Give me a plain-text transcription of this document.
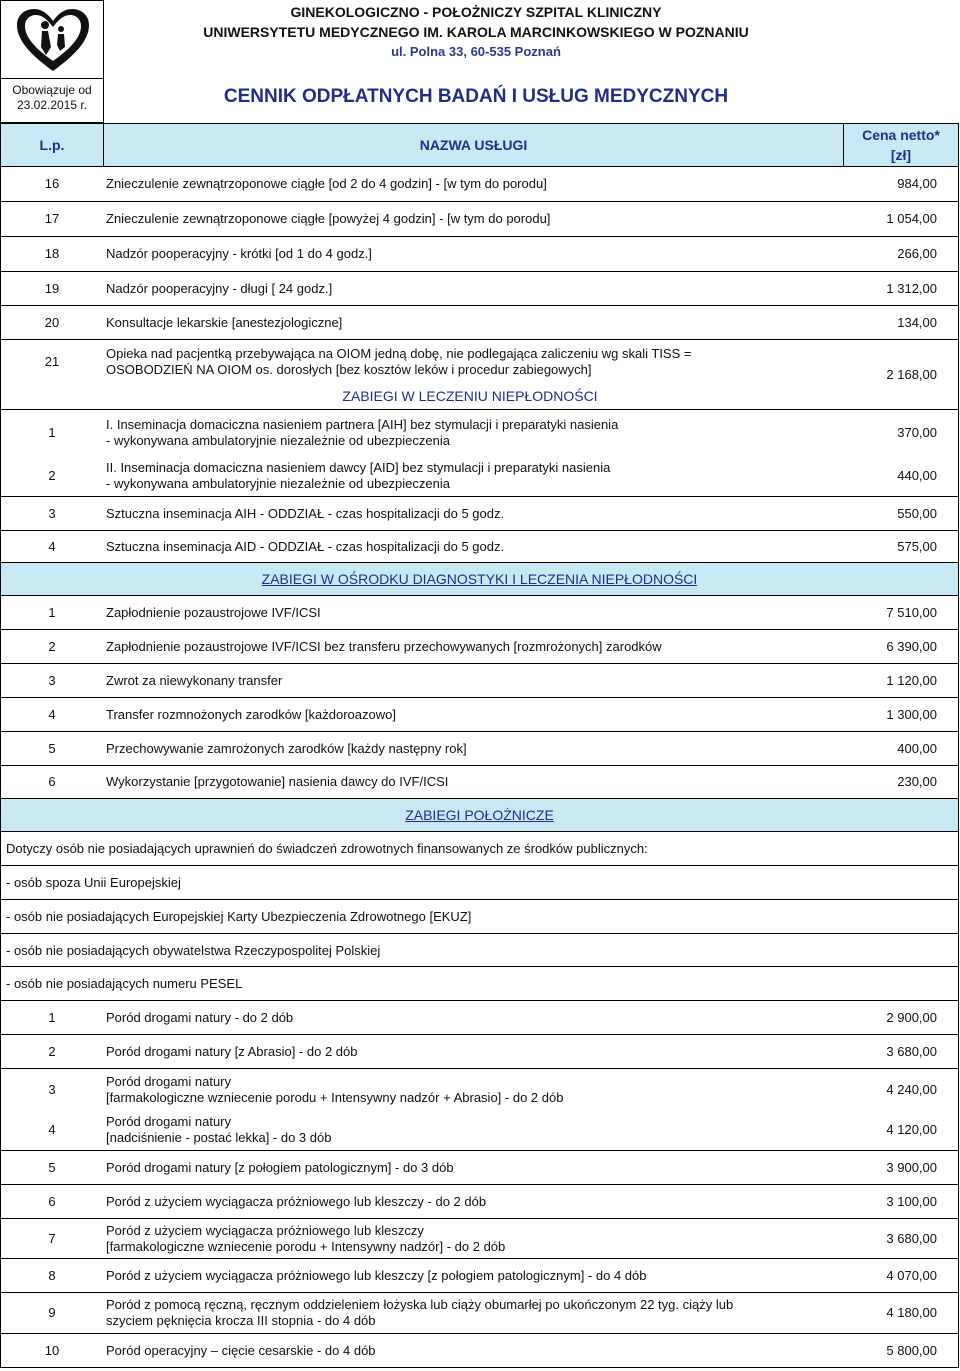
Obowiązuje od
23.02.2015 r.
GINEKOLOGICZNO - POŁOŻNICZY SZPITAL KLINICZNY
UNIWERSYTETU MEDYCZNEGO IM. KAROLA MARCINKOWSKIEGO W POZNANIU
ul. Polna 33, 60-535 Poznań
CENNIK ODPŁATNYCH BADAŃ I USŁUG MEDYCZNYCH
L.p.	NAZWA USŁUGI
Cena netto*
[zł]
16	Znieczulenie zewnątrzoponowe ciągłe [od 2 do 4 godzin] - [w tym do porodu]	984,00
17	Znieczulenie zewnątrzoponowe ciągłe [powyżej 4 godzin] - [w tym do porodu]	1 054,00
18	Nadzór pooperacyjny - krótki [od 1 do 4 godz.]	266,00
19	Nadzór pooperacyjny - długi [ 24 godz.]	1 312,00
20	Konsultacje lekarskie [anestezjologiczne]	134,00
21
Opieka nad pacjentką przebywająca na OIOM jedną dobę, nie podlegająca zaliczeniu wg skali TISS =
OSOBODZIEŃ NA OIOM os. dorosłych [bez kosztów leków i procedur zabiegowych]	2 168,00
ZABIEGI W LECZENIU NIEPŁODNOŚCI
1
I. Inseminacja domaciczna nasieniem partnera [AIH] bez stymulacji i preparatyki nasienia
- wykonywana ambulatoryjnie niezależnie od ubezpieczenia
370,00
2
II. Inseminacja domaciczna nasieniem dawcy [AID] bez stymulacji i preparatyki nasienia
- wykonywana ambulatoryjnie niezależnie od ubezpieczenia
440,00
3	Sztuczna inseminacja AIH - ODDZIAŁ - czas hospitalizacji do 5 godz.	550,00
4	Sztuczna inseminacja AID - ODDZIAŁ - czas hospitalizacji do 5 godz.	575,00
ZABIEGI W OŚRODKU DIAGNOSTYKI I LECZENIA NIEPŁODNOŚCI
1	Zapłodnienie pozaustrojowe IVF/ICSI	7 510,00
2	Zapłodnienie pozaustrojowe IVF/ICSI bez transferu przechowywanych [rozmrożonych] zarodków	6 390,00
3	Zwrot za niewykonany transfer	1 120,00
4	Transfer rozmnożonych zarodków [każdoroazowo]	1 300,00
5	Przechowywanie zamrożonych zarodków [każdy następny rok]	400,00
6	Wykorzystanie [przygotowanie] nasienia dawcy do IVF/ICSI	230,00
ZABIEGI POŁOŻNICZE
Dotyczy osób nie posiadających uprawnień do świadczeń zdrowotnych finansowanych ze środków publicznych:
- osób spoza Unii Europejskiej
- osób nie posiadających Europejskiej Karty Ubezpieczenia Zdrowotnego [EKUZ]
- osób nie posiadających obywatelstwa Rzeczypospolitej Polskiej
- osób nie posiadających numeru PESEL
1	Poród drogami natury - do 2 dób	2 900,00
2	Poród drogami natury [z Abrasio] - do 2 dób	3 680,00
3
Poród drogami natury
[farmakologiczne wzniecenie porodu + Intensywny nadzór + Abrasio] - do 2 dób
4 240,00
4
Poród drogami natury
[nadciśnienie - postać lekka] - do 3 dób
4 120,00
5	Poród drogami natury [z połogiem patologicznym] - do 3 dób	3 900,00
6	Poród z użyciem wyciągacza próżniowego lub kleszczy - do 2 dób	3 100,00
7
Poród z użyciem wyciągacza próżniowego lub kleszczy
[farmakologiczne wzniecenie porodu + Intensywny nadzór] - do 2 dób
3 680,00
8	Poród z użyciem wyciągacza próżniowego lub kleszczy [z połogiem patologicznym] - do 4 dób	4 070,00
9
Poród z pomocą ręczną, ręcznym oddzieleniem łożyska lub ciąży obumarłej po ukończonym 22 tyg. ciąży lub
szyciem pęknięcia krocza III stopnia - do 4 dób
4 180,00
10	Poród operacyjny – cięcie cesarskie - do 4 dób	5 800,00
